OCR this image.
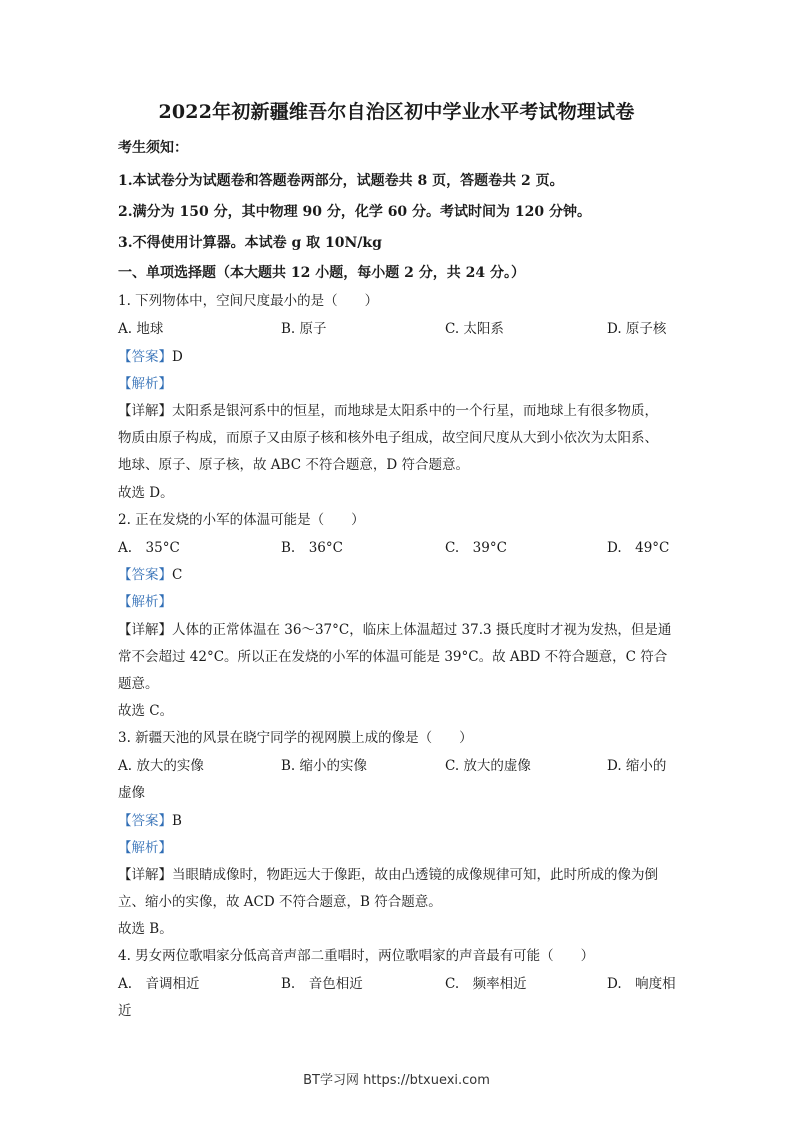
2022年初新疆维吾尔自治区初中学业水平考试物理试卷
考生须知：
1.本试卷分为试题卷和答题卷两部分，试题卷共 8 页，答题卷共 2 页。
2.满分为 150 分，其中物理 90 分，化学 60 分。考试时间为 120 分钟。
3.不得使用计算器。本试卷 g 取 10N/kg
一、单项选择题（本大题共 12 小题，每小题 2 分，共 24 分。）
1. 下列物体中，空间尺度最小的是（　　）
A. 地球	B. 原子	C. 太阳系	D. 原子核
【答案】D
【解析】
【详解】太阳系是银河系中的恒星，而地球是太阳系中的一个行星，而地球上有很多物质，
物质由原子构成，而原子又由原子核和核外电子组成，故空间尺度从大到小依次为太阳系、
地球、原子、原子核，故 ABC 不符合题意，D 符合题意。
故选 D。
2. 正在发烧的小军的体温可能是（　　）
A.　35°C	B.　36°C	C.　39°C	D.　49°C
【答案】C
【解析】
【详解】人体的正常体温在 36～37°C，临床上体温超过 37.3 摄氏度时才视为发热，但是通
常不会超过 42°C。所以正在发烧的小军的体温可能是 39°C。故 ABD 不符合题意，C 符合
题意。
故选 C。
3. 新疆天池的风景在晓宁同学的视网膜上成的像是（　　）
A. 放大的实像	B. 缩小的实像	C. 放大的虚像	D. 缩小的
虚像
【答案】B
【解析】
【详解】当眼睛成像时，物距远大于像距，故由凸透镜的成像规律可知，此时所成的像为倒
立、缩小的实像，故 ACD 不符合题意，B 符合题意。
故选 B。
4. 男女两位歌唱家分低高音声部二重唱时，两位歌唱家的声音最有可能（　　）
A.　音调相近	B.　音色相近	C.　频率相近	D.　响度相
近
BT学习网 https://btxuexi.com
